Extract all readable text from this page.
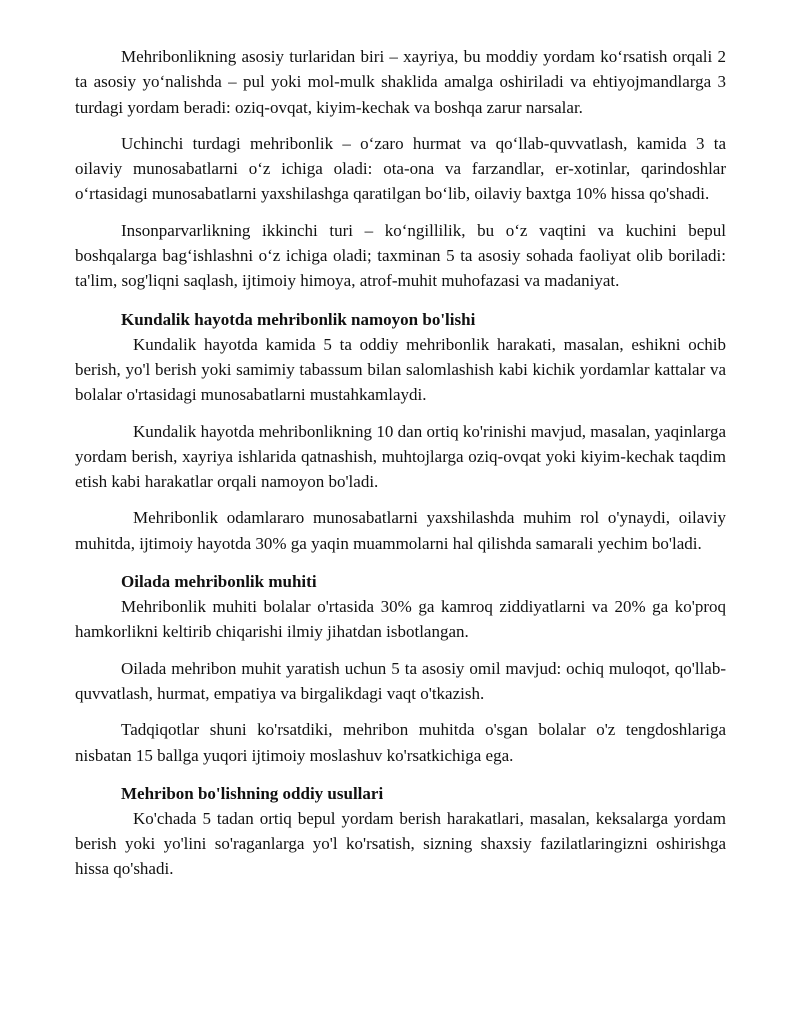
Mehribonlikning asosiy turlaridan biri – xayriya, bu moddiy yordam ko‘rsatish orqali 2 ta asosiy yo‘nalishda – pul yoki mol-mulk shaklida amalga oshiriladi va ehtiyojmandlarga 3 turdagi yordam beradi: oziq-ovqat, kiyim-kechak va boshqa zarur narsalar.

Uchinchi turdagi mehribonlik – o‘zaro hurmat va qo‘llab-quvvatlash, kamida 3 ta oilaviy munosabatlarni o‘z ichiga oladi: ota-ona va farzandlar, er-xotinlar, qarindoshlar o‘rtasidagi munosabatlarni yaxshilashga qaratilgan bo‘lib, oilaviy baxtga 10% hissa qo'shadi.

Insonparvarlikning ikkinchi turi – ko‘ngillilik, bu o‘z vaqtini va kuchini bepul boshqalarga bag‘ishlashni o‘z ichiga oladi; taxminan 5 ta asosiy sohada faoliyat olib boriladi: ta'lim, sog'liqni saqlash, ijtimoiy himoya, atrof-muhit muhofazasi va madaniyat.

Kundalik hayotda mehribonlik namoyon bo'lishi

Kundalik hayotda kamida 5 ta oddiy mehribonlik harakati, masalan, eshikni ochib berish, yo'l berish yoki samimiy tabassum bilan salomlashish kabi kichik yordamlar kattalar va bolalar o'rtasidagi munosabatlarni mustahkamlaydi.

Kundalik hayotda mehribonlikning 10 dan ortiq ko'rinishi mavjud, masalan, yaqinlarga yordam berish, xayriya ishlarida qatnashish, muhtojlarga oziq-ovqat yoki kiyim-kechak taqdim etish kabi harakatlar orqali namoyon bo'ladi.

Mehribonlik odamlararo munosabatlarni yaxshilashda muhim rol o'ynaydi, oilaviy muhitda, ijtimoiy hayotda 30% ga yaqin muammolarni hal qilishda samarali yechim bo'ladi.

Oilada mehribonlik muhiti

Mehribonlik muhiti bolalar o'rtasida 30% ga kamroq ziddiyatlarni va 20% ga ko'proq hamkorlikni keltirib chiqarishi ilmiy jihatdan isbotlangan.

Oilada mehribon muhit yaratish uchun 5 ta asosiy omil mavjud: ochiq muloqot, qo'llab-quvvatlash, hurmat, empatiya va birgalikdagi vaqt o'tkazish.

Tadqiqotlar shuni ko'rsatdiki, mehribon muhitda o'sgan bolalar o'z tengdoshlariga nisbatan 15 ballga yuqori ijtimoiy moslashuv ko'rsatkichiga ega.

Mehribon bo'lishning oddiy usullari

Ko'chada 5 tadan ortiq bepul yordam berish harakatlari, masalan, keksalarga yordam berish yoki yo'lini so'raganlarga yo'l ko'rsatish, sizning shaxsiy fazilatlaringizni oshirishga hissa qo'shadi.
